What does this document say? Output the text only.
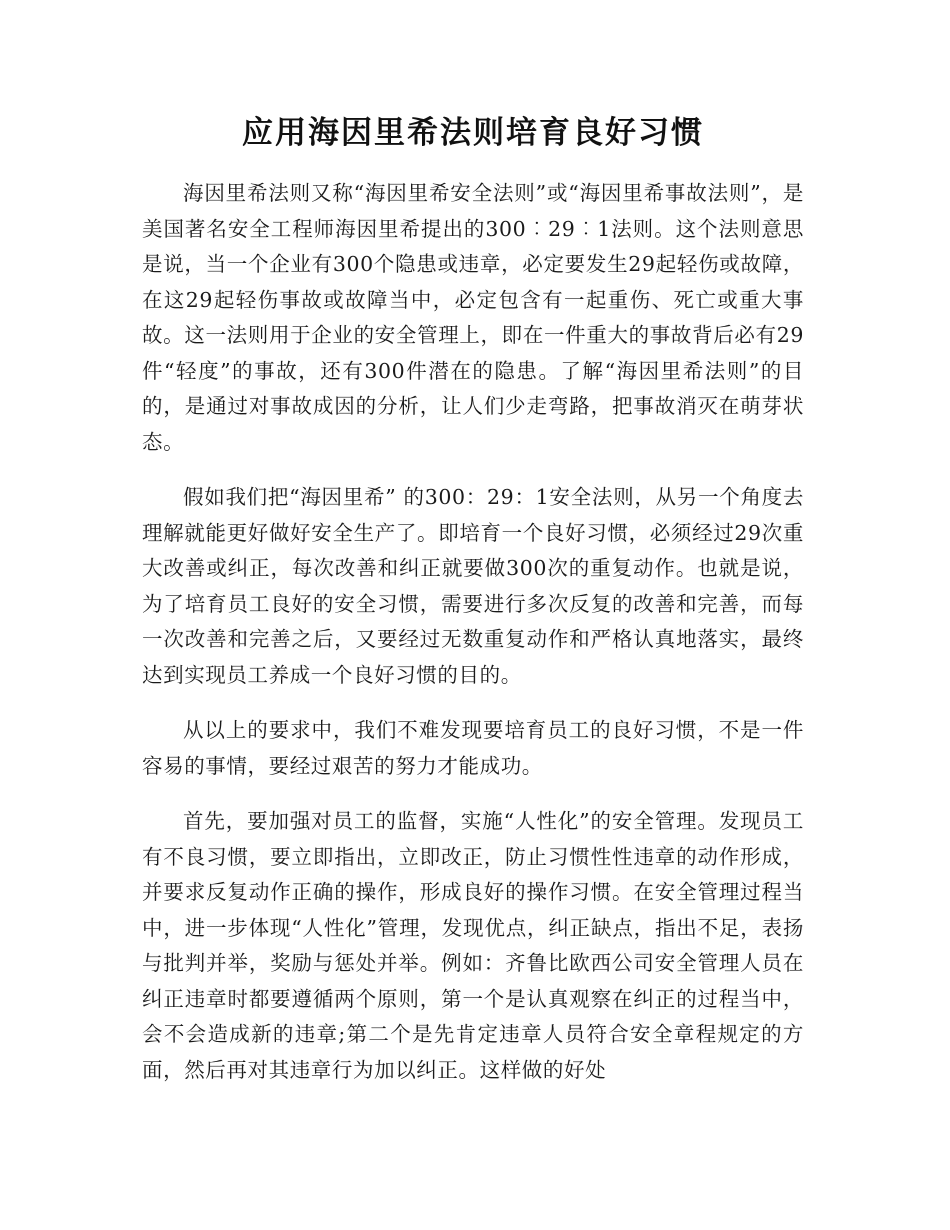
应用海因里希法则培育良好习惯

海因里希法则又称“海因里希安全法则”或“海因里希事故法则”，是美国著名安全工程师海因里希提出的300︰29︰1法则。这个法则意思是说，当一个企业有300个隐患或违章，必定要发生29起轻伤或故障，在这29起轻伤事故或故障当中，必定包含有一起重伤、死亡或重大事故。这一法则用于企业的安全管理上，即在一件重大的事故背后必有29件“轻度”的事故，还有300件潜在的隐患。了解“海因里希法则”的目的，是通过对事故成因的分析，让人们少走弯路，把事故消灭在萌芽状态。

假如我们把“海因里希” 的300：29：1安全法则，从另一个角度去理解就能更好做好安全生产了。即培育一个良好习惯，必须经过29次重大改善或纠正，每次改善和纠正就要做300次的重复动作。也就是说，为了培育员工良好的安全习惯，需要进行多次反复的改善和完善，而每一次改善和完善之后，又要经过无数重复动作和严格认真地落实，最终达到实现员工养成一个良好习惯的目的。

从以上的要求中，我们不难发现要培育员工的良好习惯，不是一件容易的事情，要经过艰苦的努力才能成功。

首先，要加强对员工的监督，实施“人性化”的安全管理。发现员工有不良习惯，要立即指出，立即改正，防止习惯性性违章的动作形成，并要求反复动作正确的操作，形成良好的操作习惯。在安全管理过程当中，进一步体现“人性化”管理，发现优点，纠正缺点，指出不足，表扬与批判并举，奖励与惩处并举。例如：齐鲁比欧西公司安全管理人员在纠正违章时都要遵循两个原则，第一个是认真观察在纠正的过程当中，会不会造成新的违章;第二个是先肯定违章人员符合安全章程规定的方面，然后再对其违章行为加以纠正。这样做的好处
